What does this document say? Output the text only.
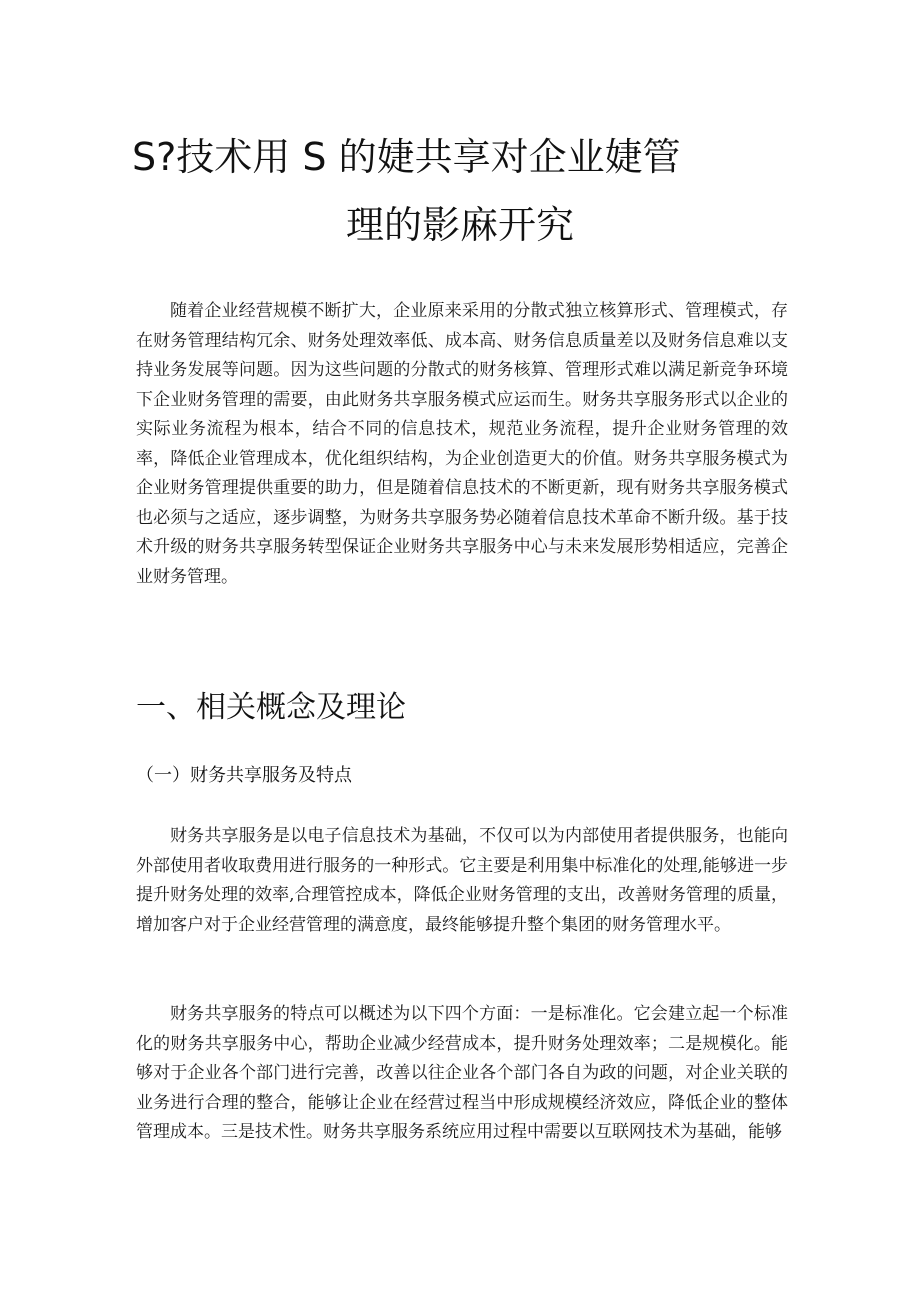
S?技术用 S 的婕共享对企业婕管
理的影麻开究

随着企业经营规模不断扩大，企业原来采用的分散式独立核算形式、管理模式，存在财务管理结构冗余、财务处理效率低、成本高、财务信息质量差以及财务信息难以支持业务发展等问题。因为这些问题的分散式的财务核算、管理形式难以满足新竞争环境下企业财务管理的需要，由此财务共享服务模式应运而生。财务共享服务形式以企业的实际业务流程为根本，结合不同的信息技术，规范业务流程，提升企业财务管理的效率，降低企业管理成本，优化组织结构，为企业创造更大的价值。财务共享服务模式为企业财务管理提供重要的助力，但是随着信息技术的不断更新，现有财务共享服务模式也必须与之适应，逐步调整，为财务共享服务势必随着信息技术革命不断升级。基于技术升级的财务共享服务转型保证企业财务共享服务中心与未来发展形势相适应，完善企业财务管理。

一、相关概念及理论
（一）财务共享服务及特点

财务共享服务是以电子信息技术为基础，不仅可以为内部使用者提供服务，也能向外部使用者收取费用进行服务的一种形式。它主要是利用集中标准化的处理,能够进一步提升财务处理的效率,合理管控成本，降低企业财务管理的支出，改善财务管理的质量，增加客户对于企业经营管理的满意度，最终能够提升整个集团的财务管理水平。

财务共享服务的特点可以概述为以下四个方面：一是标准化。它会建立起一个标准化的财务共享服务中心，帮助企业减少经营成本，提升财务处理效率；二是规模化。能够对于企业各个部门进行完善，改善以往企业各个部门各自为政的问题，对企业关联的业务进行合理的整合，能够让企业在经营过程当中形成规模经济效应，降低企业的整体管理成本。三是技术性。财务共享服务系统应用过程中需要以互联网技术为基础，能够
